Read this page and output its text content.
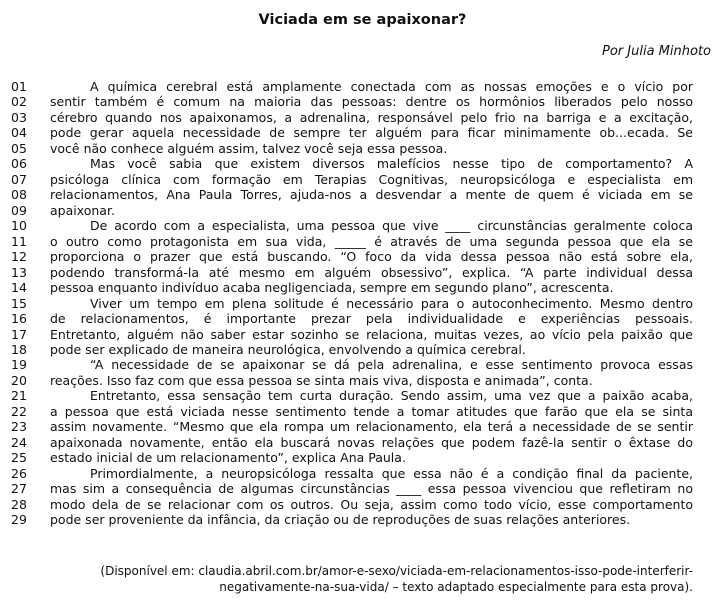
Viciada em se apaixonar?
Por Julia Minhoto
01	A química cerebral está amplamente conectada com as nossas emoções e o vício por
02 sentir também é comum na maioria das pessoas: dentre os hormônios liberados pelo nosso
03 cérebro quando nos apaixonamos, a adrenalina, responsável pelo frio na barriga e a excitação,
04 pode gerar aquela necessidade de sempre ter alguém para ficar minimamente ob...ecada. Se
05 você não conhece alguém assim, talvez você seja essa pessoa.
06	Mas você sabia que existem diversos malefícios nesse tipo de comportamento? A
07 psicóloga clínica com formação em Terapias Cognitivas, neuropsicóloga e especialista em
08 relacionamentos, Ana Paula Torres, ajuda-nos a desvendar a mente de quem é viciada em se
09 apaixonar.
10	De acordo com a especialista, uma pessoa que vive ____ circunstâncias geralmente coloca
11 o outro como protagonista em sua vida, _____ é através de uma segunda pessoa que ela se
12 proporciona o prazer que está buscando. “O foco da vida dessa pessoa não está sobre ela,
13 podendo transformá-la até mesmo em alguém obsessivo”, explica. “A parte individual dessa
14 pessoa enquanto indivíduo acaba negligenciada, sempre em segundo plano”, acrescenta.
15	Viver um tempo em plena solitude é necessário para o autoconhecimento. Mesmo dentro
16 de relacionamentos, é importante prezar pela individualidade e experiências pessoais.
17 Entretanto, alguém não saber estar sozinho se relaciona, muitas vezes, ao vício pela paixão que
18 pode ser explicado de maneira neurológica, envolvendo a química cerebral.
19	“A necessidade de se apaixonar se dá pela adrenalina, e esse sentimento provoca essas
20 reações. Isso faz com que essa pessoa se sinta mais viva, disposta e animada”, conta.
21	Entretanto, essa sensação tem curta duração. Sendo assim, uma vez que a paixão acaba,
22 a pessoa que está viciada nesse sentimento tende a tomar atitudes que farão que ela se sinta
23 assim novamente. “Mesmo que ela rompa um relacionamento, ela terá a necessidade de se sentir
24 apaixonada novamente, então ela buscará novas relações que podem fazê-la sentir o êxtase do
25 estado inicial de um relacionamento”, explica Ana Paula.
26	Primordialmente, a neuropsicóloga ressalta que essa não é a condição final da paciente,
27 mas sim a consequência de algumas circunstâncias ____ essa pessoa vivenciou que refletiram no
28 modo dela de se relacionar com os outros. Ou seja, assim como todo vício, esse comportamento
29 pode ser proveniente da infância, da criação ou de reproduções de suas relações anteriores.
(Disponível em: claudia.abril.com.br/amor-e-sexo/viciada-em-relacionamentos-isso-pode-interferir-
negativamente-na-sua-vida/ – texto adaptado especialmente para esta prova).
